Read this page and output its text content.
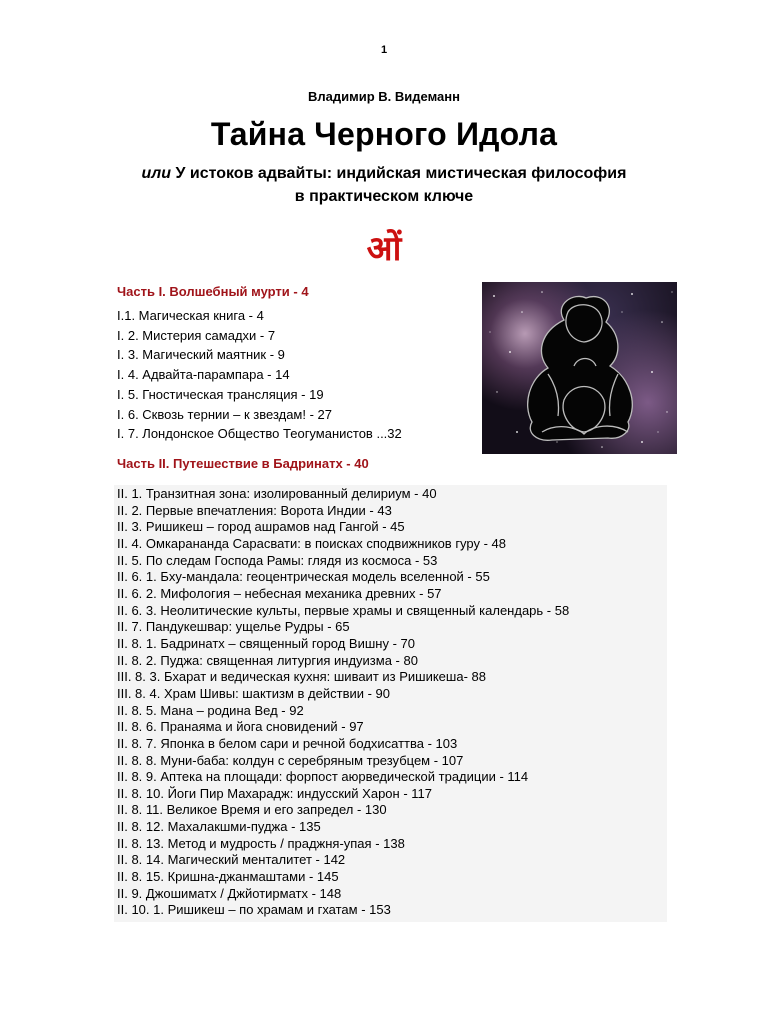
1
Владимир В. Видеманн
Тайна Черного Идола
или У истоков адвайты: индийская мистическая философия
в практическом ключе
ओं
Часть I. Волшебный мурти - 4
I.1. Магическая книга - 4
I. 2. Мистерия самадхи - 7
I. 3. Магический маятник - 9
I. 4. Адвайта-парампара - 14
I. 5. Гностическая трансляция - 19
I. 6. Сквозь тернии – к звездам! - 27
I. 7. Лондонское Общество Теогуманистов ...32
Часть II. Путешествие в Бадринатх - 40
II. 1. Транзитная зона: изолированный делириум - 40
II. 2. Первые впечатления: Ворота Индии - 43
II. 3. Ришикеш – город ашрамов над Гангой - 45
II. 4. Омкарананда Сарасвати: в поисках сподвижников гуру - 48
II. 5. По следам Господа Рамы: глядя из космоса - 53
II. 6. 1. Бху-мандала: геоцентрическая модель вселенной - 55
II. 6. 2. Мифология – небесная механика древних - 57
II. 6. 3. Неолитические культы, первые храмы и священный календарь - 58
II. 7. Пандукешвар: ущелье Рудры - 65
II. 8. 1. Бадринатх – священный город Вишну - 70
II. 8. 2. Пуджа: священная литургия индуизма - 80
III. 8. 3. Бхарат и ведическая кухня: шиваит из Ришикеша- 88
III. 8. 4. Храм Шивы: шактизм в действии - 90
II. 8. 5. Мана – родина Вед - 92
II. 8. 6. Пранаяма и йога сновидений - 97
II. 8. 7. Японка в белом сари и речной бодхисаттва - 103
II. 8. 8. Муни-баба: колдун с серебряным трезубцем - 107
II. 8. 9. Аптека на площади: форпост аюрведической традиции - 114
II. 8. 10. Йоги Пир Махарадж: индусский Харон - 117
II. 8. 11. Великое Время и его запредел - 130
II. 8. 12. Махалакшми-пуджа - 135
II. 8. 13. Метод и мудрость / праджня-упая - 138
II. 8. 14. Магический менталитет - 142
II. 8. 15. Кришна-джанмаштами - 145
II. 9. Джошиматх / Джйотирматх - 148
II. 10. 1. Ришикеш – по храмам и гхатам - 153
